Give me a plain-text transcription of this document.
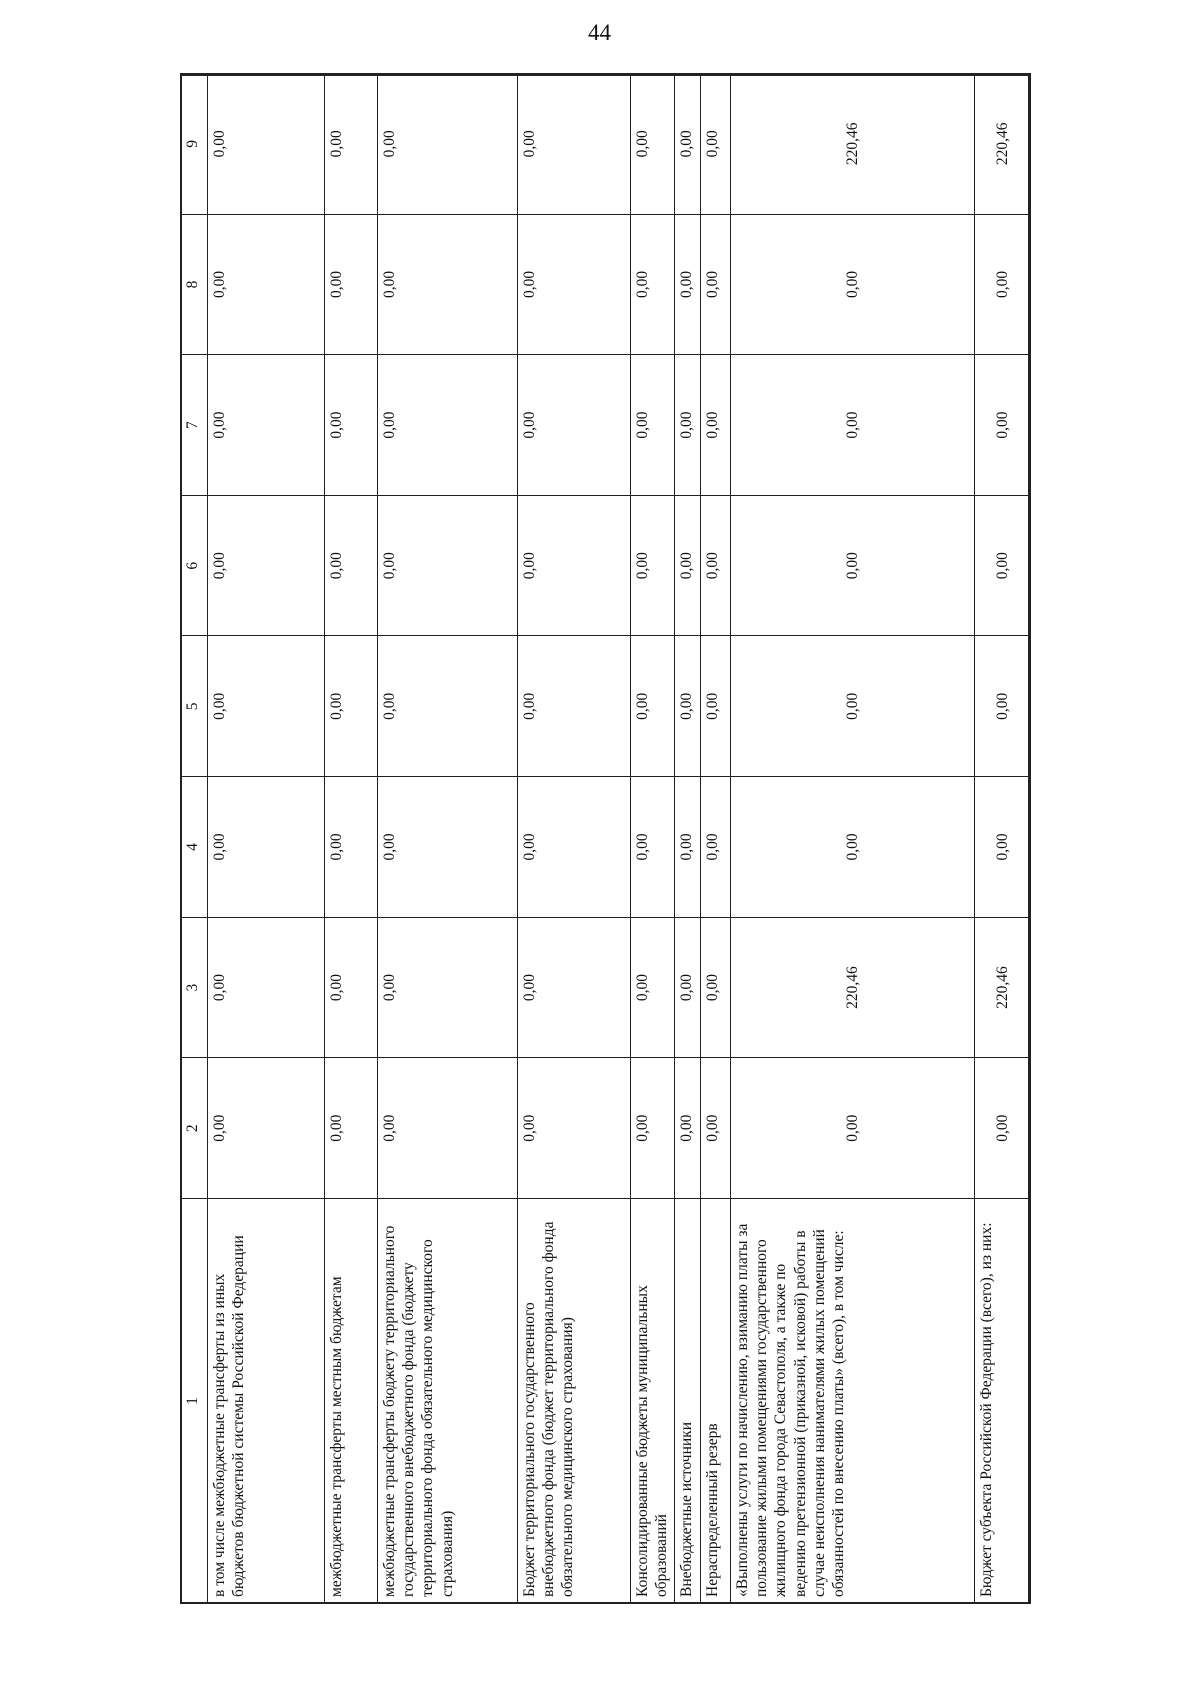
44
1	2	3	4	5	6	7	8	9
в том числе межбюджетные трансферты из иных бюджетов бюджетной системы Российской Федерации	0,00	0,00	0,00	0,00	0,00	0,00	0,00	0,00
межбюджетные трансферты местным бюджетам	0,00	0,00	0,00	0,00	0,00	0,00	0,00	0,00
межбюджетные трансферты бюджету территориального государственного внебюджетного фонда (бюджету территориального фонда обязательного медицинского страхования)	0,00	0,00	0,00	0,00	0,00	0,00	0,00	0,00
Бюджет территориального государственного внебюджетного фонда (бюджет территориального фонда обязательного медицинского страхования)	0,00	0,00	0,00	0,00	0,00	0,00	0,00	0,00
Консолидированные бюджеты муниципальных образований	0,00	0,00	0,00	0,00	0,00	0,00	0,00	0,00
Внебюджетные источники	0,00	0,00	0,00	0,00	0,00	0,00	0,00	0,00
Нераспределенный резерв	0,00	0,00	0,00	0,00	0,00	0,00	0,00	0,00
«Выполнены услуги по начислению, взиманию платы за пользование жилыми помещениями государственного жилищного фонда города Севастополя, а также по ведению претензионной (приказной, исковой) работы в случае неисполнения нанимателями жилых помещений обязанностей по внесению платы» (всего), в том числе:	0,00	220,46	0,00	0,00	0,00	0,00	0,00	220,46
Бюджет субъекта Российской Федерации (всего), из них:	0,00	220,46	0,00	0,00	0,00	0,00	0,00	220,46
